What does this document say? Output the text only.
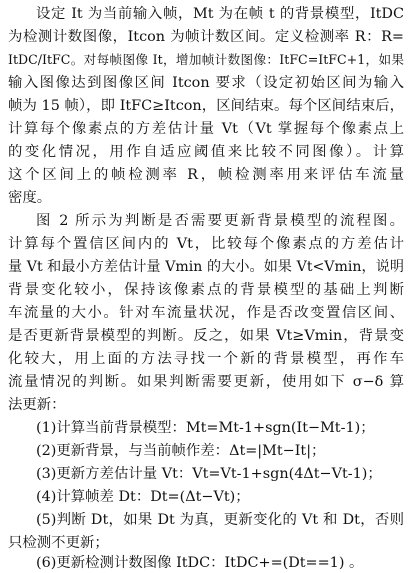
设定 It 为当前输入帧，Mt 为在帧 t 的背景模型，ItDC

为检测计数图像，Itcon 为帧计数区间。定义检测率 R：R=

ItDC/ItFC。对每帧图像 It，增加帧计数图像：ItFC=ItFC+1，如果

输入图像达到图像区间 Itcon 要求（设定初始区间为输入

帧为 15 帧），即 ItFC≥Itcon，区间结束。每个区间结束后，

计算每个像素点的方差估计量 Vt（Vt 掌握每个像素点上

的变化情况，用作自适应阈值来比较不同图像）。计算

这个区间上的帧检测率 R，帧检测率用来评估车流量

密度。

图 2 所示为判断是否需要更新背景模型的流程图。

计算每个置信区间内的 Vt，比较每个像素点的方差估计

量 Vt 和最小方差估计量 Vmin 的大小。如果 Vt<Vmin，说明

背景变化较小，保持该像素点的背景模型的基础上判断

车流量的大小。针对车流量状况，作是否改变置信区间、

是否更新背景模型的判断。反之，如果 Vt≥Vmin，背景变

化较大，用上面的方法寻找一个新的背景模型，再作车

流量情况的判断。如果判断需要更新，使用如下 σ−δ 算

法更新：

(1)计算当前背景模型：Mt=Mt-1+sgn(It−Mt-1)；

(2)更新背景，与当前帧作差：Δt=|Mt−It|；

(3)更新方差估计量 Vt：Vt=Vt-1+sgn(4Δt−Vt-1)；

(4)计算帧差 Dt：Dt=(Δt−Vt)；

(5)判断 Dt，如果 Dt 为真，更新变化的 Vt 和 Dt，否则

只检测不更新；

(6)更新检测计数图像 ItDC：ItDC+=(Dt==1) 。
